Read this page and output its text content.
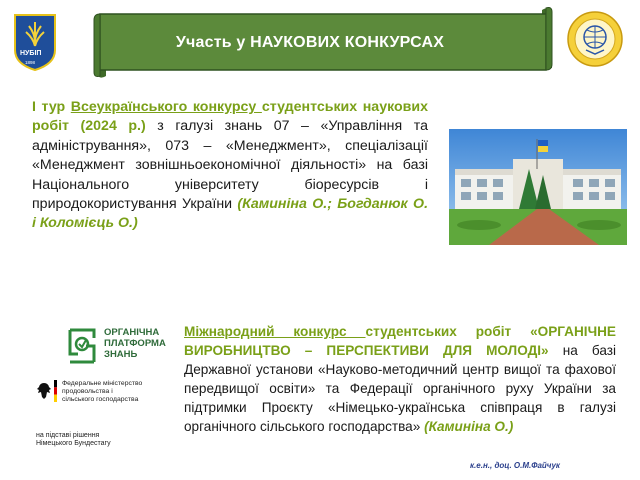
Участь у НАУКОВИХ КОНКУРСАХ
НУБІП
1898
І тур Всеукраїнського конкурсу студентських наукових робіт (2024 р.) з галузі знань 07 – «Управління та адміністрування», 073 – «Менеджмент», спеціалізації «Менеджмент зовнішньоекономічної діяльності» на базі Національного університету біоресурсів і природокористування України (Каминіна О.; Богданюк О. і Коломієць О.)
ОРГАНІЧНА
ПЛАТФОРМА
ЗНАНЬ
Федеральне міністерство
продовольства і
сільського господарства
на підставі рішення
Німецького Бундестагу
Міжнародний конкурс студентських робіт «ОРГАНІЧНЕ ВИРОБНИЦТВО – ПЕРСПЕКТИВИ ДЛЯ МОЛОДІ» на базі Державної установи «Науково-методичний центр вищої та фахової передвищої освіти» та Федерації органічного руху України за підтримки Проєкту «Німецько-українська співпраця в галузі органічного сільського господарства» (Каминіна О.)
к.е.н., доц. О.М.Файчук
